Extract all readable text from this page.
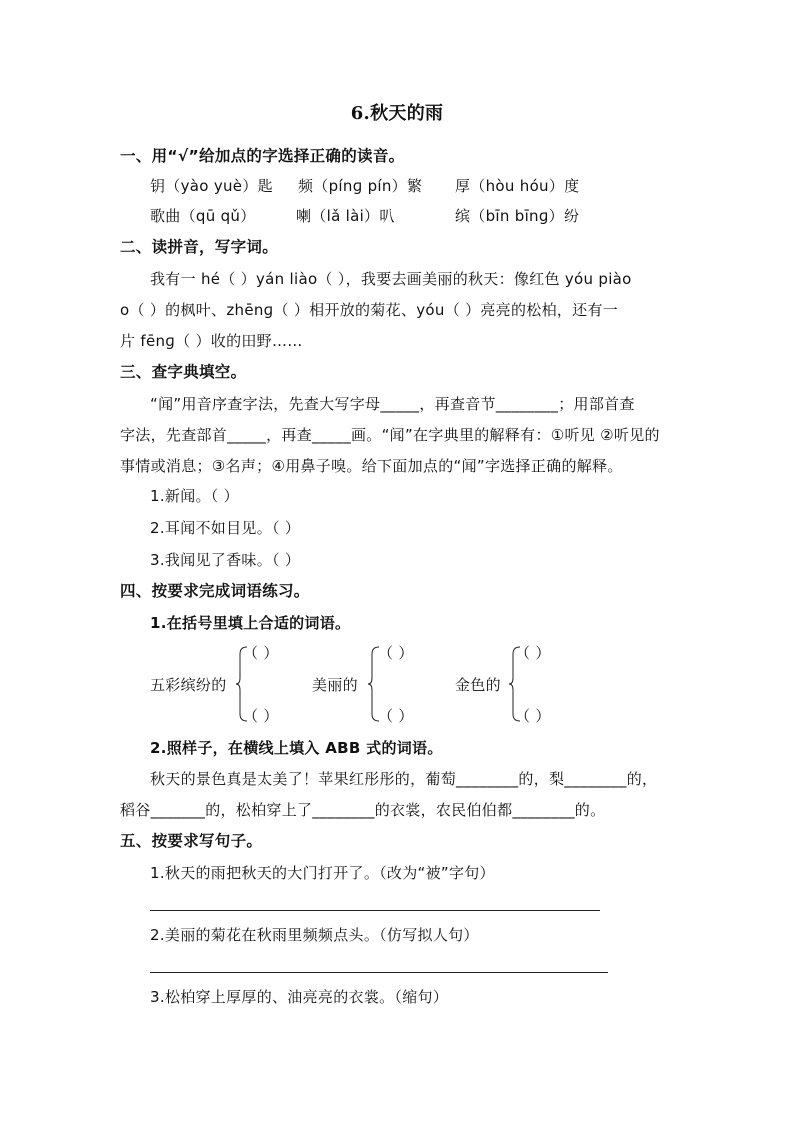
6.秋天的雨
一、用“√”给加点的字选择正确的读音。
钥（yào yuè）匙 频（pínɡ pín）繁 厚（hòu hóu）度
歌曲（qū qǔ）	喇（lǎ lài）叭	缤（bīn bīnɡ）纷
二、读拼音，写字词。
我有一 hé（ ）yán liào（ ），我要去画美丽的秋天：像红色 yóu piào
o（ ）的枫叶、zhēnɡ（ ）相开放的菊花、yóu（ ）亮亮的松柏，还有一
片 fēnɡ（ ）收的田野……
三、查字典填空。
“闻”用音序查字法，先查大写字母_____，再查音节________；用部首查
字法，先查部首_____，再查_____画。“闻”在字典里的解释有：①听见 ②听见的
事情或消息；③名声；④用鼻子嗅。给下面加点的“闻”字选择正确的解释。
1.新闻。（ ）
2.耳闻不如目见。（ ）
3.我闻见了香味。（ ）
四、按要求完成词语练习。
1.在括号里填上合适的词语。
五彩缤纷的
（ ）
（ ）
美丽的
（ ）
（ ）
金色的
（ ）
（ ）
2.照样子，在横线上填入 ABB 式的词语。
秋天的景色真是太美了！苹果红彤彤的，葡萄________的，梨________的，
稻谷_______的，松柏穿上了________的衣裳，农民伯伯都________的。
五、按要求写句子。
1.秋天的雨把秋天的大门打开了。（改为“被”字句）
2.美丽的菊花在秋雨里频频点头。（仿写拟人句）
3.松柏穿上厚厚的、油亮亮的衣裳。（缩句）
